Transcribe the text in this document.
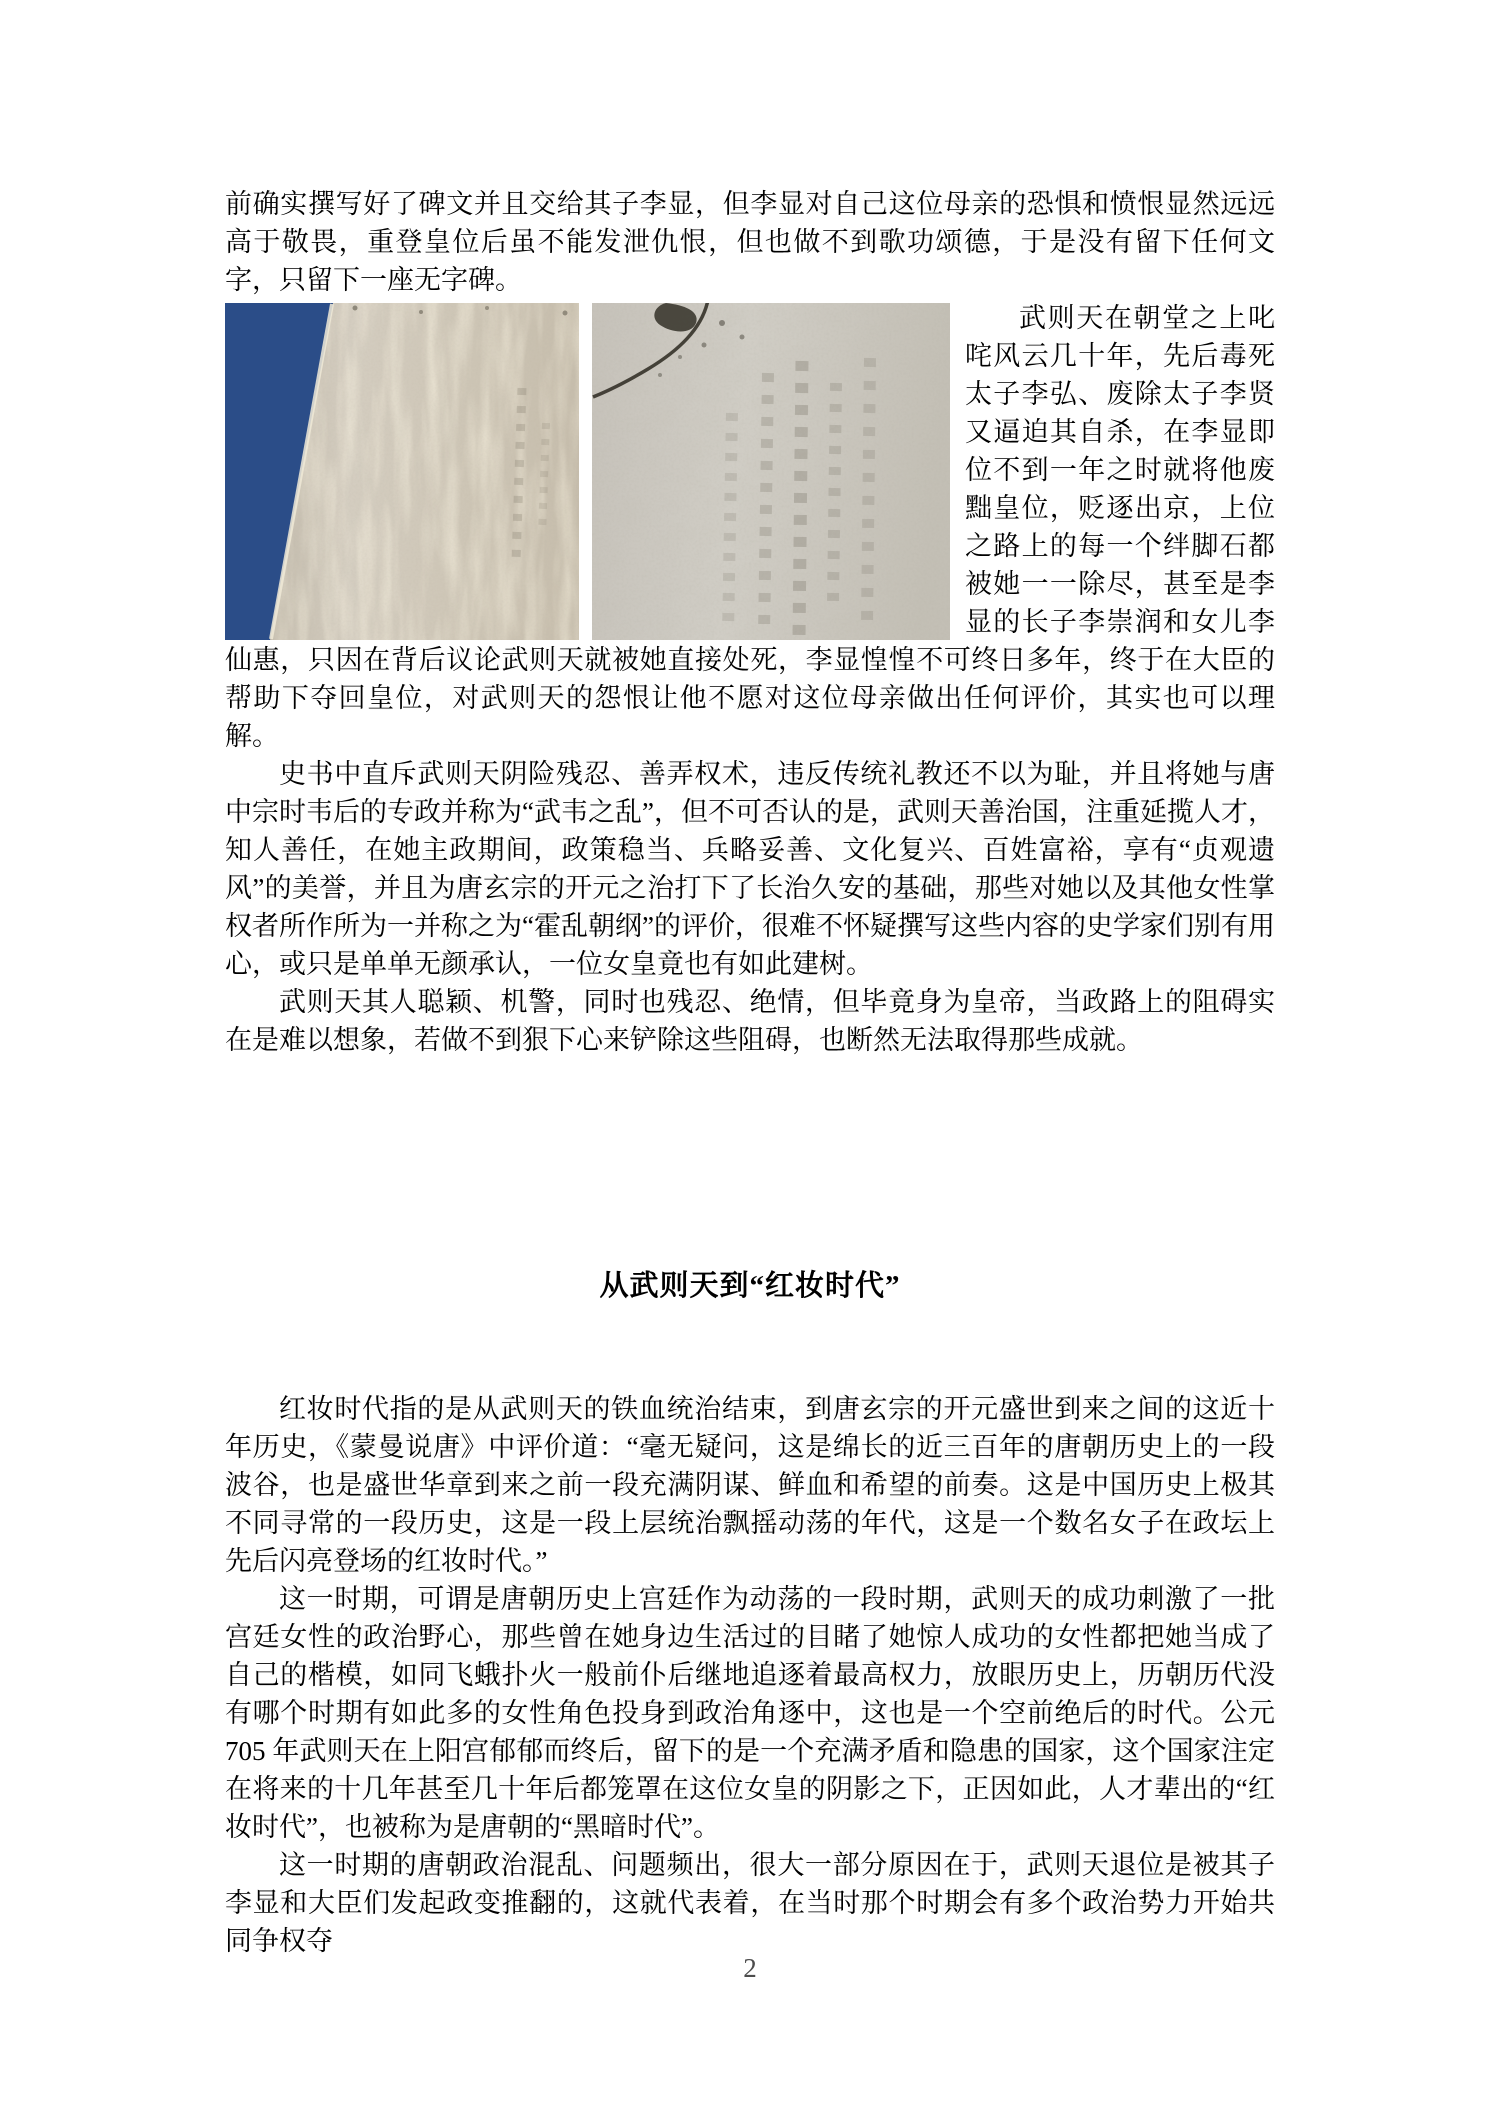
前确实撰写好了碑文并且交给其子李显，但李显对自己这位母亲的恐惧和愤恨显然远远高于敬畏，重登皇位后虽不能发泄仇恨，但也做不到歌功颂德，于是没有留下任何文字，只留下一座无字碑。

武则天在朝堂之上叱咤风云几十年，先后毒死太子李弘、废除太子李贤又逼迫其自杀，在李显即位不到一年之时就将他废黜皇位，贬逐出京，上位之路上的每一个绊脚石都被她一一除尽，甚至是李显的长子李崇润和女儿李仙惠，只因在背后议论武则天就被她直接处死，李显惶惶不可终日多年，终于在大臣的帮助下夺回皇位，对武则天的怨恨让他不愿对这位母亲做出任何评价，其实也可以理解。

史书中直斥武则天阴险残忍、善弄权术，违反传统礼教还不以为耻，并且将她与唐中宗时韦后的专政并称为“武韦之乱”，但不可否认的是，武则天善治国，注重延揽人才，知人善任，在她主政期间，政策稳当、兵略妥善、文化复兴、百姓富裕，享有“贞观遗风”的美誉，并且为唐玄宗的开元之治打下了长治久安的基础，那些对她以及其他女性掌权者所作所为一并称之为“霍乱朝纲”的评价，很难不怀疑撰写这些内容的史学家们别有用心，或只是单单无颜承认，一位女皇竟也有如此建树。

武则天其人聪颖、机警，同时也残忍、绝情，但毕竟身为皇帝，当政路上的阻碍实在是难以想象，若做不到狠下心来铲除这些阻碍，也断然无法取得那些成就。

从武则天到“红妆时代”

红妆时代指的是从武则天的铁血统治结束，到唐玄宗的开元盛世到来之间的这近十年历史，《蒙曼说唐》中评价道：“毫无疑问，这是绵长的近三百年的唐朝历史上的一段波谷，也是盛世华章到来之前一段充满阴谋、鲜血和希望的前奏。这是中国历史上极其不同寻常的一段历史，这是一段上层统治飘摇动荡的年代，这是一个数名女子在政坛上先后闪亮登场的红妆时代。”

这一时期，可谓是唐朝历史上宫廷作为动荡的一段时期，武则天的成功刺激了一批宫廷女性的政治野心，那些曾在她身边生活过的目睹了她惊人成功的女性都把她当成了自己的楷模，如同飞蛾扑火一般前仆后继地追逐着最高权力，放眼历史上，历朝历代没有哪个时期有如此多的女性角色投身到政治角逐中，这也是一个空前绝后的时代。公元 705 年武则天在上阳宫郁郁而终后，留下的是一个充满矛盾和隐患的国家，这个国家注定在将来的十几年甚至几十年后都笼罩在这位女皇的阴影之下，正因如此，人才辈出的“红妆时代”，也被称为是唐朝的“黑暗时代”。

这一时期的唐朝政治混乱、问题频出，很大一部分原因在于，武则天退位是被其子李显和大臣们发起政变推翻的，这就代表着，在当时那个时期会有多个政治势力开始共同争权夺

2
